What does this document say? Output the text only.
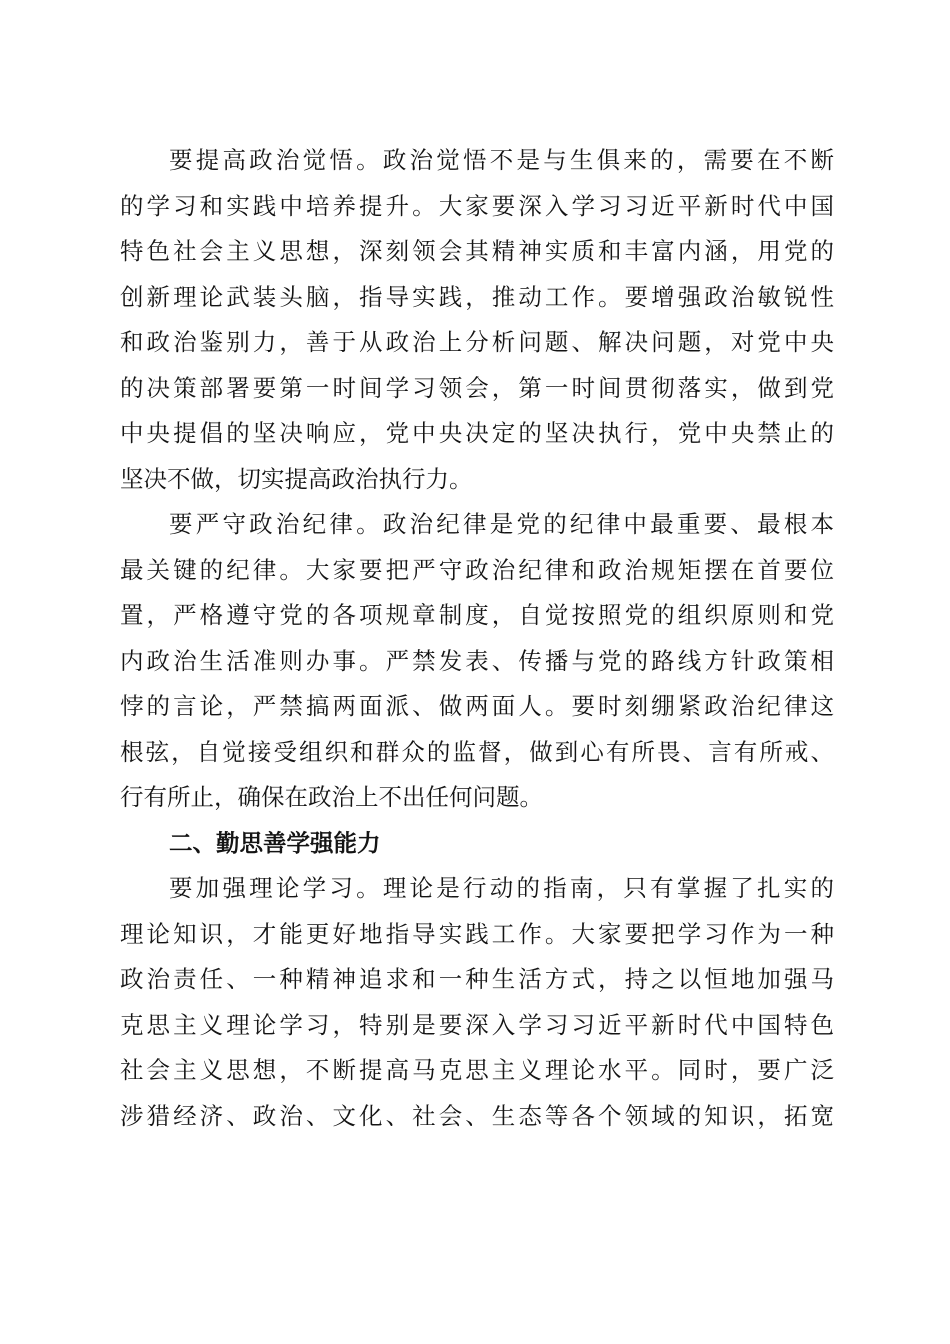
要提高政治觉悟。政治觉悟不是与生俱来的，需要在不断
的学习和实践中培养提升。大家要深入学习习近平新时代中国
特色社会主义思想，深刻领会其精神实质和丰富内涵，用党的
创新理论武装头脑，指导实践，推动工作。要增强政治敏锐性
和政治鉴别力，善于从政治上分析问题、解决问题，对党中央
的决策部署要第一时间学习领会，第一时间贯彻落实，做到党
中央提倡的坚决响应，党中央决定的坚决执行，党中央禁止的
坚决不做，切实提高政治执行力。
要严守政治纪律。政治纪律是党的纪律中最重要、最根本
最关键的纪律。大家要把严守政治纪律和政治规矩摆在首要位
置，严格遵守党的各项规章制度，自觉按照党的组织原则和党
内政治生活准则办事。严禁发表、传播与党的路线方针政策相
悖的言论，严禁搞两面派、做两面人。要时刻绷紧政治纪律这
根弦，自觉接受组织和群众的监督，做到心有所畏、言有所戒、
行有所止，确保在政治上不出任何问题。
二、勤思善学强能力
要加强理论学习。理论是行动的指南，只有掌握了扎实的
理论知识，才能更好地指导实践工作。大家要把学习作为一种
政治责任、一种精神追求和一种生活方式，持之以恒地加强马
克思主义理论学习，特别是要深入学习习近平新时代中国特色
社会主义思想，不断提高马克思主义理论水平。同时，要广泛
涉猎经济、政治、文化、社会、生态等各个领域的知识，拓宽
